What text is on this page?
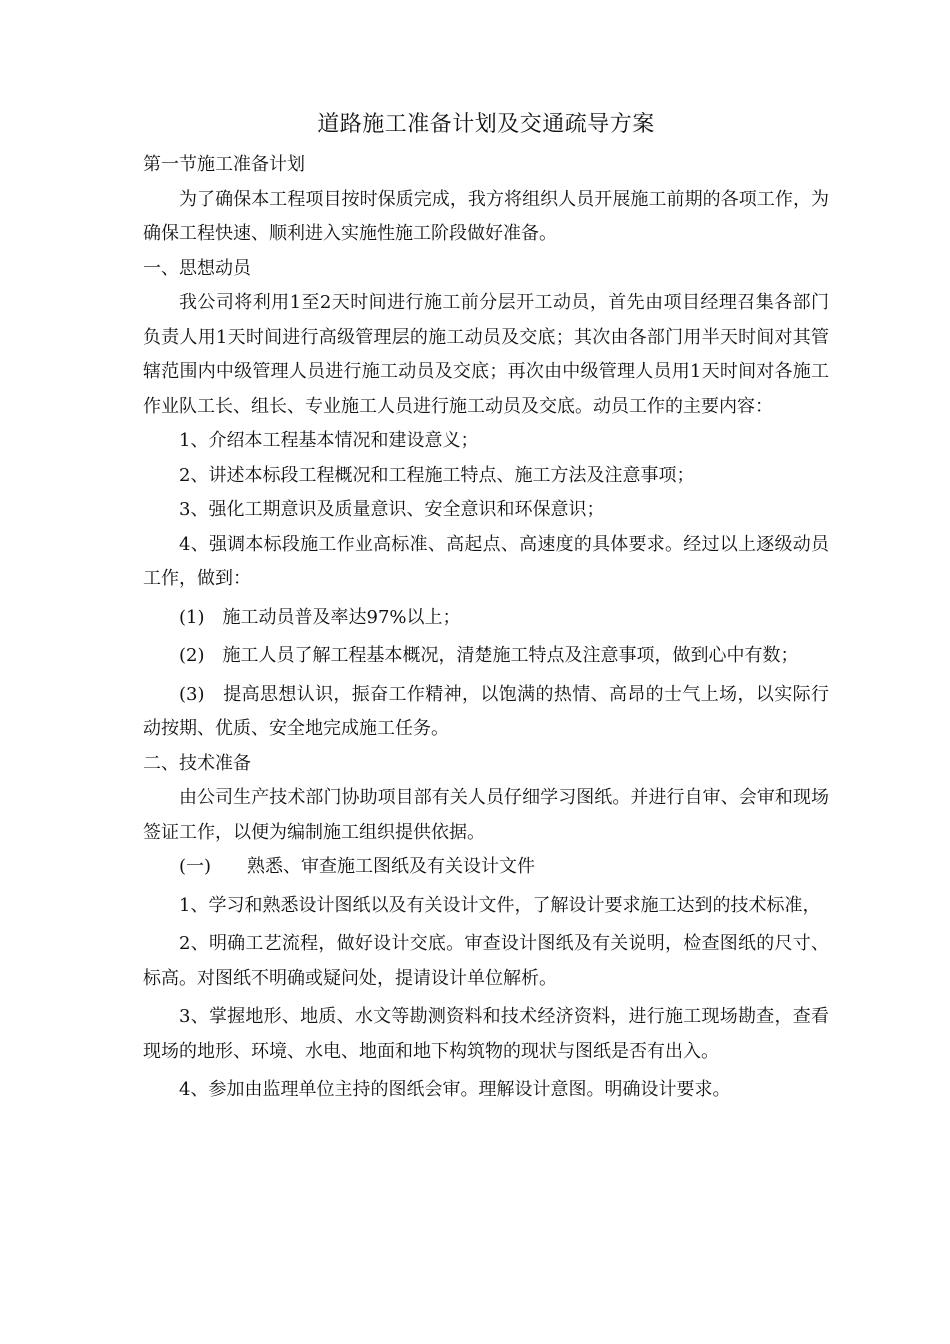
道路施工准备计划及交通疏导方案

第一节施工准备计划

为了确保本工程项目按时保质完成，我方将组织人员开展施工前期的各项工作，为确保工程快速、顺利进入实施性施工阶段做好准备。

一、思想动员

我公司将利用1至2天时间进行施工前分层开工动员，首先由项目经理召集各部门负责人用1天时间进行高级管理层的施工动员及交底；其次由各部门用半天时间对其管辖范围内中级管理人员进行施工动员及交底；再次由中级管理人员用1天时间对各施工作业队工长、组长、专业施工人员进行施工动员及交底。动员工作的主要内容：

1、介绍本工程基本情况和建设意义；

2、讲述本标段工程概况和工程施工特点、施工方法及注意事项；

3、强化工期意识及质量意识、安全意识和环保意识；

4、强调本标段施工作业高标准、高起点、高速度的具体要求。经过以上逐级动员工作，做到：

(1)　施工动员普及率达97%以上；

(2)　施工人员了解工程基本概况，清楚施工特点及注意事项，做到心中有数；

(3)　提高思想认识，振奋工作精神，以饱满的热情、高昂的士气上场，以实际行动按期、优质、安全地完成施工任务。

二、技术准备

由公司生产技术部门协助项目部有关人员仔细学习图纸。并进行自审、会审和现场签证工作，以便为编制施工组织提供依据。

(一)　　熟悉、审查施工图纸及有关设计文件

1、学习和熟悉设计图纸以及有关设计文件，了解设计要求施工达到的技术标准，

2、明确工艺流程，做好设计交底。审查设计图纸及有关说明，检查图纸的尺寸、标高。对图纸不明确或疑问处，提请设计单位解析。

3、掌握地形、地质、水文等勘测资料和技术经济资料，进行施工现场勘查，查看现场的地形、环境、水电、地面和地下构筑物的现状与图纸是否有出入。

4、参加由监理单位主持的图纸会审。理解设计意图。明确设计要求。
